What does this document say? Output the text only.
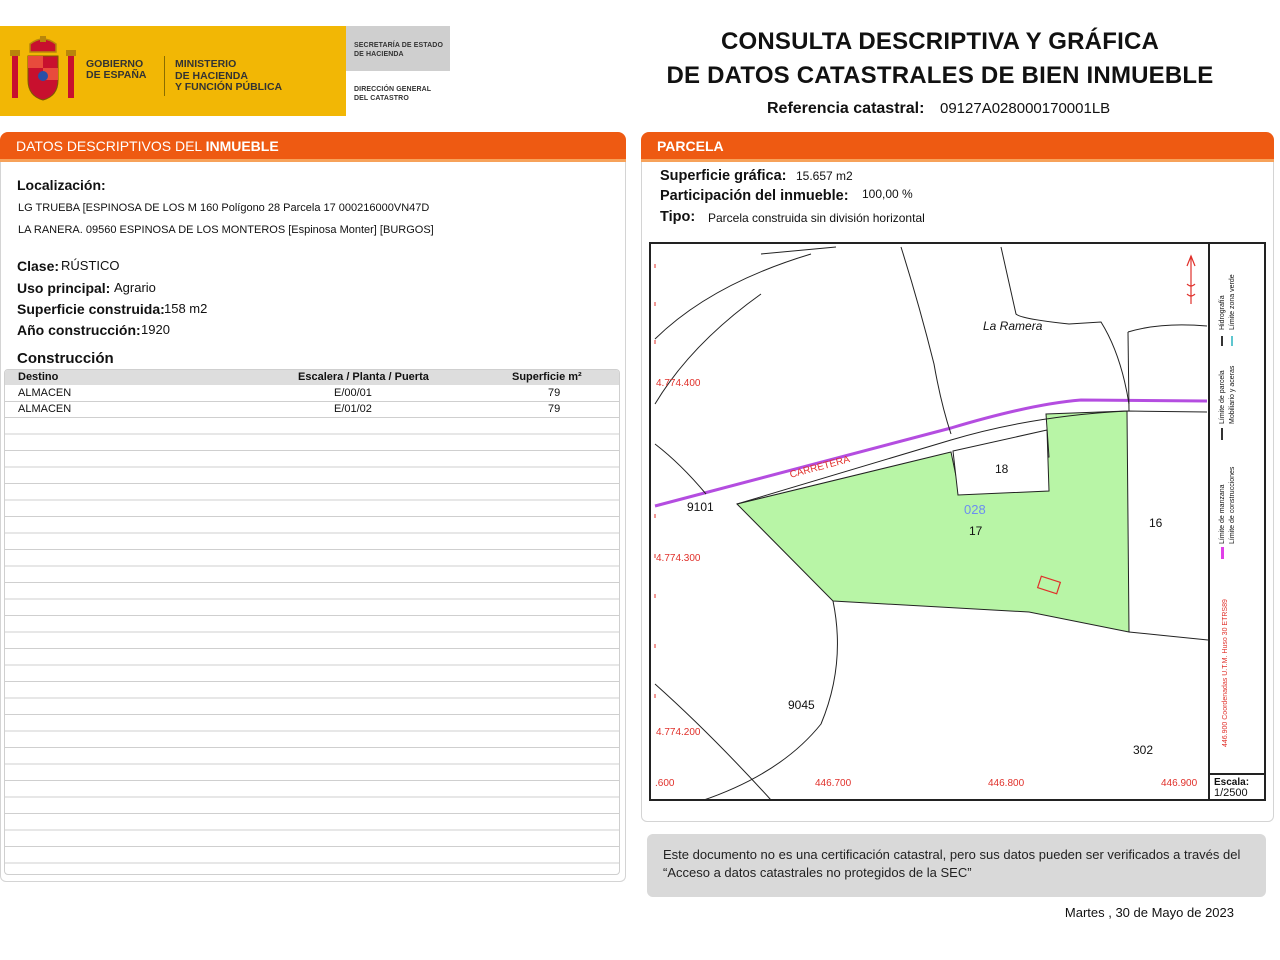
GOBIERNO
DE ESPAÑA
MINISTERIO
DE HACIENDA
Y FUNCIÓN PÚBLICA
SECRETARÍA DE ESTADO
DE HACIENDA
DIRECCIÓN GENERAL
DEL CATASTRO
CONSULTA DESCRIPTIVA Y GRÁFICA
DE DATOS CATASTRALES DE BIEN INMUEBLE
Referencia catastral: 09127A028000170001LB
DATOS DESCRIPTIVOS DEL INMUEBLE
Localización:
LG TRUEBA [ESPINOSA DE LOS M 160 Polígono 28 Parcela 17 000216000VN47D
LA RANERA. 09560 ESPINOSA DE LOS MONTEROS [Espinosa Monter] [BURGOS]
Clase: RÚSTICO
Uso principal: Agrario
Superficie construida: 158 m2
Año construcción: 1920
Construcción
Destino	Escalera / Planta / Puerta	Superficie m²
ALMACEN	E/00/01	79
ALMACEN	E/01/02	79
PARCELA
Superficie gráfica: 15.657 m2
Participación del inmueble: 100,00 %
Tipo: Parcela construida sin división horizontal
La Ramera
CARRETERA
9101	028
17
18
16
9045
302
4.774.400
4.774.300
4.774.200
.600	446.700	446.800	446.900
Hidrografía Límite zona verde
Límite de parcela Mobiliario y aceras
Límite de manzana Límite de construcciones
446.900 Coordenadas U.T.M. Huso 30 ETRS89
Escala:
1/2500
Este documento no es una certificación catastral, pero sus datos pueden ser verificados a través del “Acceso a datos catastrales no protegidos de la SEC”
Martes , 30 de Mayo de 2023
